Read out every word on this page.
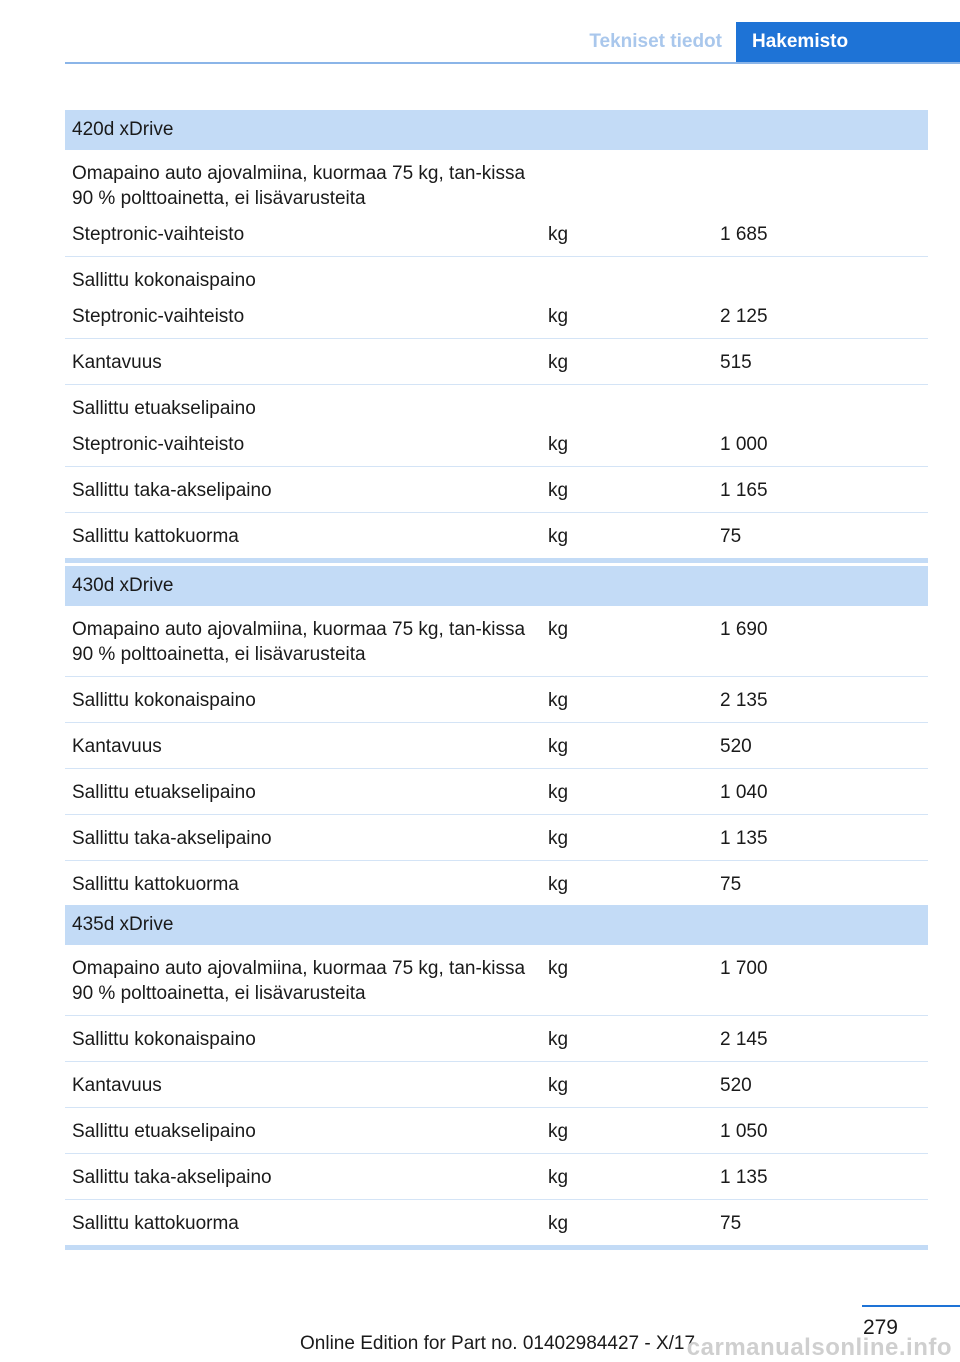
Tekniset tiedot	Hakemisto
420d xDrive		
Omapaino auto ajovalmiina, kuormaa 75 kg, tan‐kissa 90 % polttoainetta, ei lisävarusteita		
Steptronic-vaihteisto	kg	1 685
Sallittu kokonaispaino		
Steptronic-vaihteisto	kg	2 125
Kantavuus	kg	515
Sallittu etuakselipaino		
Steptronic-vaihteisto	kg	1 000
Sallittu taka-akselipaino	kg	1 165
Sallittu kattokuorma	kg	75
430d xDrive		
Omapaino auto ajovalmiina, kuormaa 75 kg, tan‐kissa 90 % polttoainetta, ei lisävarusteita	kg	1 690
Sallittu kokonaispaino	kg	2 135
Kantavuus	kg	520
Sallittu etuakselipaino	kg	1 040
Sallittu taka-akselipaino	kg	1 135
Sallittu kattokuorma	kg	75
435d xDrive		
Omapaino auto ajovalmiina, kuormaa 75 kg, tan‐kissa 90 % polttoainetta, ei lisävarusteita	kg	1 700
Sallittu kokonaispaino	kg	2 145
Kantavuus	kg	520
Sallittu etuakselipaino	kg	1 050
Sallittu taka-akselipaino	kg	1 135
Sallittu kattokuorma	kg	75
279
Online Edition for Part no. 01402984427 - X/17
carmanualsonline.info
